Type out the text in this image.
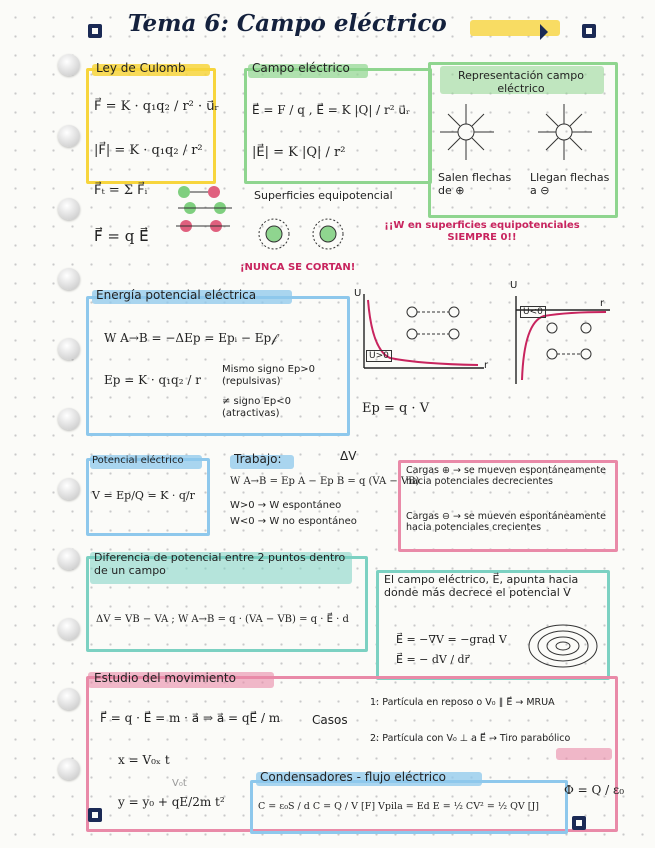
Tema 6: Campo eléctrico
Ley de Culomb
F⃗ = K · q₁q₂ / r² · u⃗ᵣ
|F⃗| = K · q₁q₂ / r²
F⃗ₜ = Σ F⃗ᵢ
F⃗ = q E⃗
Campo eléctrico
E⃗ = F / q , E⃗ = K |Q| / r² u⃗ᵣ
|E⃗| = K |Q| / r²
Superficies equipotencial
¡NUNCA SE CORTAN!
Representación campo eléctrico
Salen flechas de ⊕
Llegan flechas a ⊖
¡¡W en superficies equipotenciales SIEMPRE 0!!
Energía potencial eléctrica
W A→B = −ΔEp = Epᵢ − Ep𝒻
Ep = K · q₁q₂ / r
Mismo signo Ep>0 (repulsivas)
≠ signo Ep<0 (atractivas)	Ep = q · V
U
U>0
r
U
U<0
r
Potencial eléctrico
V = Ep/Q = K · q/r
Trabajo:	ΔV
W A→B = Ep A − Ep B = q (VA − VB)
W>0 → W espontáneo
W<0 → W no espontáneo
Cargas ⊕ → se mueven espontáneamente hacia potenciales decrecientes
Cargas ⊖ → se mueven espontáneamente hacia potenciales crecientes
Diferencia de potencial entre 2 puntos dentro de un campo
ΔV = VB − VA ; W A→B = q · (VA − VB) = q · E⃗ · d
El campo eléctrico, E⃗, apunta hacia donde más decrece el potencial V
E⃗ = −∇V = −grad V
E⃗ = − dV / dr⃗
Estudio del movimiento
F⃗ = q · E⃗ = m · a⃗ ⇒ a⃗ = qE⃗ / m	Casos
1: Partícula en reposo o V₀ ∥ E⃗ → MRUA
2: Partícula con V₀ ⊥ a E⃗ → Tiro parabólico
x = V₀ₓ t
y = y₀ + qE/2m t²
V₀t	Condensadores - flujo eléctrico
C = ε₀S / d C = Q / V [F] Vpila = Ed E = ½ CV² = ½ QV [J]
Φ = Q / ε₀
